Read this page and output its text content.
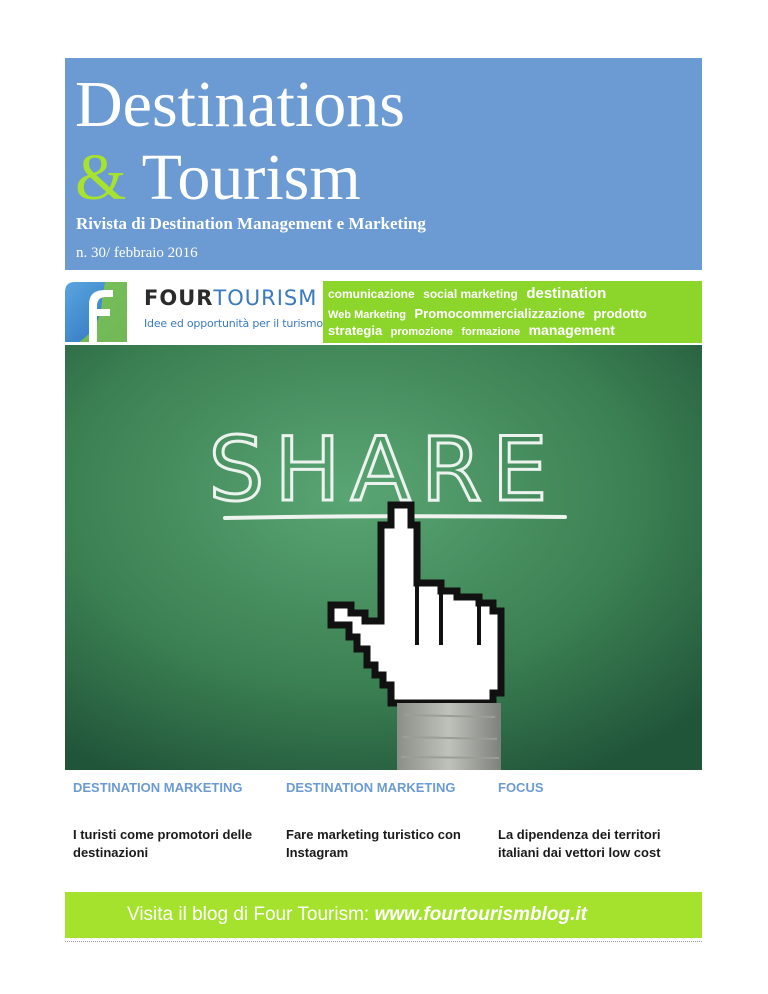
Destinations
& Tourism
Rivista di Destination Management e Marketing
n. 30/ febbraio 2016
FOURTOURISM
Idee ed opportunità per il turismo
comunicazione social marketing destination
Web Marketing Promocommercializzazione prodotto
strategia promozione formazione management
SHARE

DESTINATION MARKETING

I turisti come promotori delle destinazioni

DESTINATION MARKETING

Fare marketing turistico con Instagram

FOCUS

La dipendenza dei territori italiani dai vettori low cost
Visita il blog di Four Tourism: www.fourtourismblog.it
